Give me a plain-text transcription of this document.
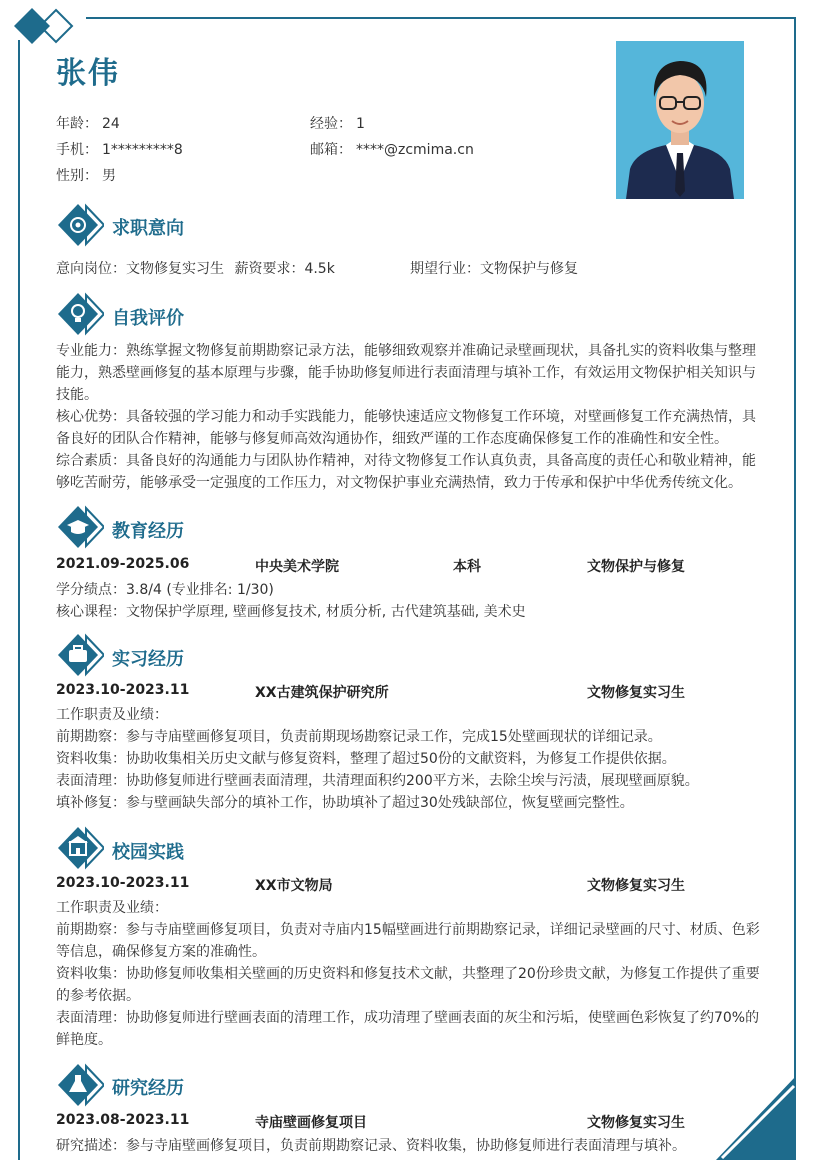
张伟
年龄： 24	经验： 1
手机： 1*********8	邮箱： ****@zcmima.cn
性别： 男
求职意向
意向岗位：文物修复实习生 薪资要求：4.5k	期望行业：文物保护与修复
自我评价

专业能力：熟练掌握文物修复前期勘察记录方法，能够细致观察并准确记录壁画现状，具备扎实的资料收集与整理能力，熟悉壁画修复的基本原理与步骤，能手协助修复师进行表面清理与填补工作，有效运用文物保护相关知识与技能。

核心优势：具备较强的学习能力和动手实践能力，能够快速适应文物修复工作环境，对壁画修复工作充满热情，具备良好的团队合作精神，能够与修复师高效沟通协作，细致严谨的工作态度确保修复工作的准确性和安全性。

综合素质：具备良好的沟通能力与团队协作精神，对待文物修复工作认真负责，具备高度的责任心和敬业精神，能够吃苦耐劳，能够承受一定强度的工作压力，对文物保护事业充满热情，致力于传承和保护中华优秀传统文化。

教育经历
2021.09-2025.06	中央美术学院	本科	文物保护与修复
学分绩点：3.8/4 (专业排名: 1/30)
核心课程：文物保护学原理, 壁画修复技术, 材质分析, 古代建筑基础, 美术史
实习经历
2023.10-2023.11	XX古建筑保护研究所	文物修复实习生

工作职责及业绩：

前期勘察：参与寺庙壁画修复项目，负责前期现场勘察记录工作，完成15处壁画现状的详细记录。

资料收集：协助收集相关历史文献与修复资料，整理了超过50份的文献资料，为修复工作提供依据。

表面清理：协助修复师进行壁画表面清理，共清理面积约200平方米，去除尘埃与污渍，展现壁画原貌。

填补修复：参与壁画缺失部分的填补工作，协助填补了超过30处残缺部位，恢复壁画完整性。

校园实践
2023.10-2023.11	XX市文物局	文物修复实习生

工作职责及业绩：

前期勘察：参与寺庙壁画修复项目，负责对寺庙内15幅壁画进行前期勘察记录，详细记录壁画的尺寸、材质、色彩等信息，确保修复方案的准确性。

资料收集：协助修复师收集相关壁画的历史资料和修复技术文献，共整理了20份珍贵文献，为修复工作提供了重要的参考依据。

表面清理：协助修复师进行壁画表面的清理工作，成功清理了壁画表面的灰尘和污垢，使壁画色彩恢复了约70%的鲜艳度。

研究经历
2023.08-2023.11	寺庙壁画修复项目	文物修复实习生
研究描述：参与寺庙壁画修复项目，负责前期勘察记录、资料收集，协助修复师进行表面清理与填补。
